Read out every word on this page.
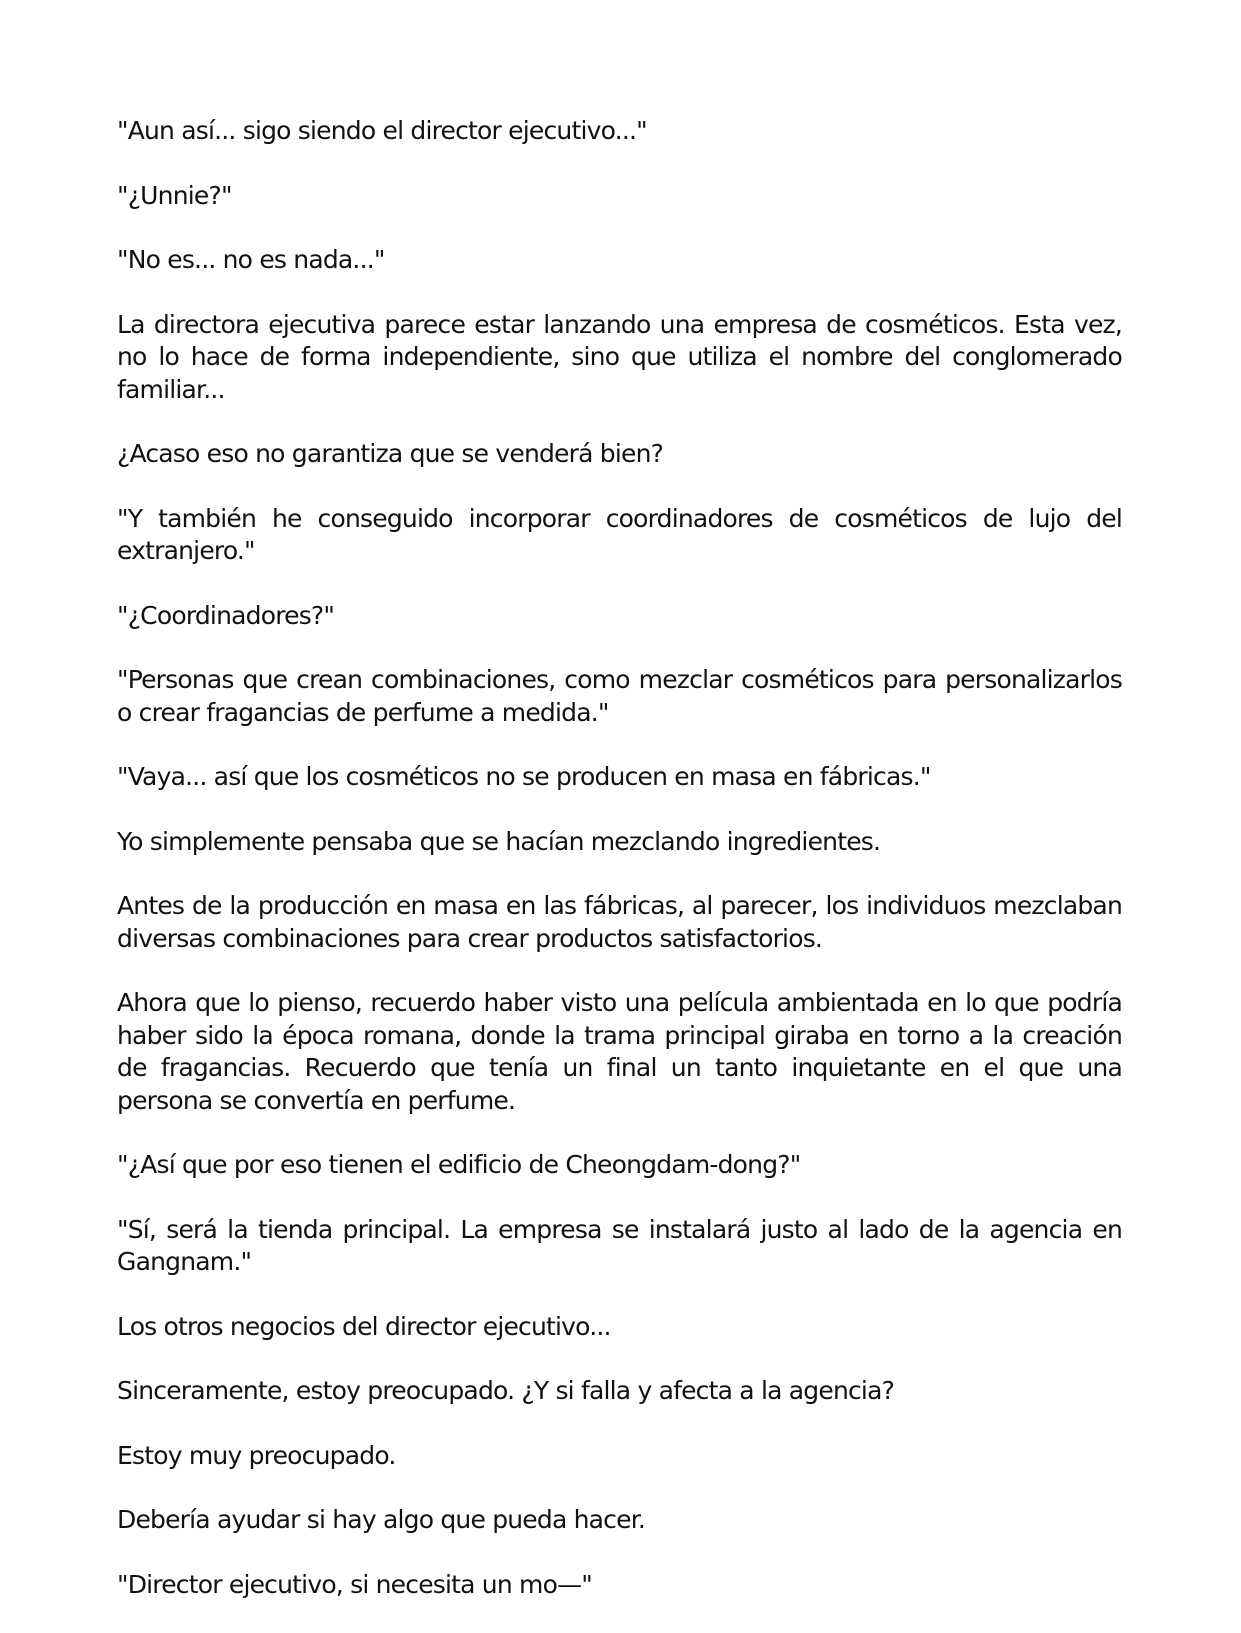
"Aun así... sigo siendo el director ejecutivo..."

"¿Unnie?"

"No es... no es nada..."

La directora ejecutiva parece estar lanzando una empresa de cosméticos. Esta vez, no lo hace de forma independiente, sino que utiliza el nombre del conglomerado familiar...

¿Acaso eso no garantiza que se venderá bien?

"Y también he conseguido incorporar coordinadores de cosméticos de lujo del extranjero."

"¿Coordinadores?"

"Personas que crean combinaciones, como mezclar cosméticos para personalizarlos o crear fragancias de perfume a medida."

"Vaya... así que los cosméticos no se producen en masa en fábricas."

Yo simplemente pensaba que se hacían mezclando ingredientes.

Antes de la producción en masa en las fábricas, al parecer, los individuos mezclaban diversas combinaciones para crear productos satisfactorios.

Ahora que lo pienso, recuerdo haber visto una película ambientada en lo que podría haber sido la época romana, donde la trama principal giraba en torno a la creación de fragancias. Recuerdo que tenía un final un tanto inquietante en el que una persona se convertía en perfume.

"¿Así que por eso tienen el edificio de Cheongdam-dong?"

"Sí, será la tienda principal. La empresa se instalará justo al lado de la agencia en Gangnam."

Los otros negocios del director ejecutivo...

Sinceramente, estoy preocupado. ¿Y si falla y afecta a la agencia?

Estoy muy preocupado.

Debería ayudar si hay algo que pueda hacer.

"Director ejecutivo, si necesita un mo—"
